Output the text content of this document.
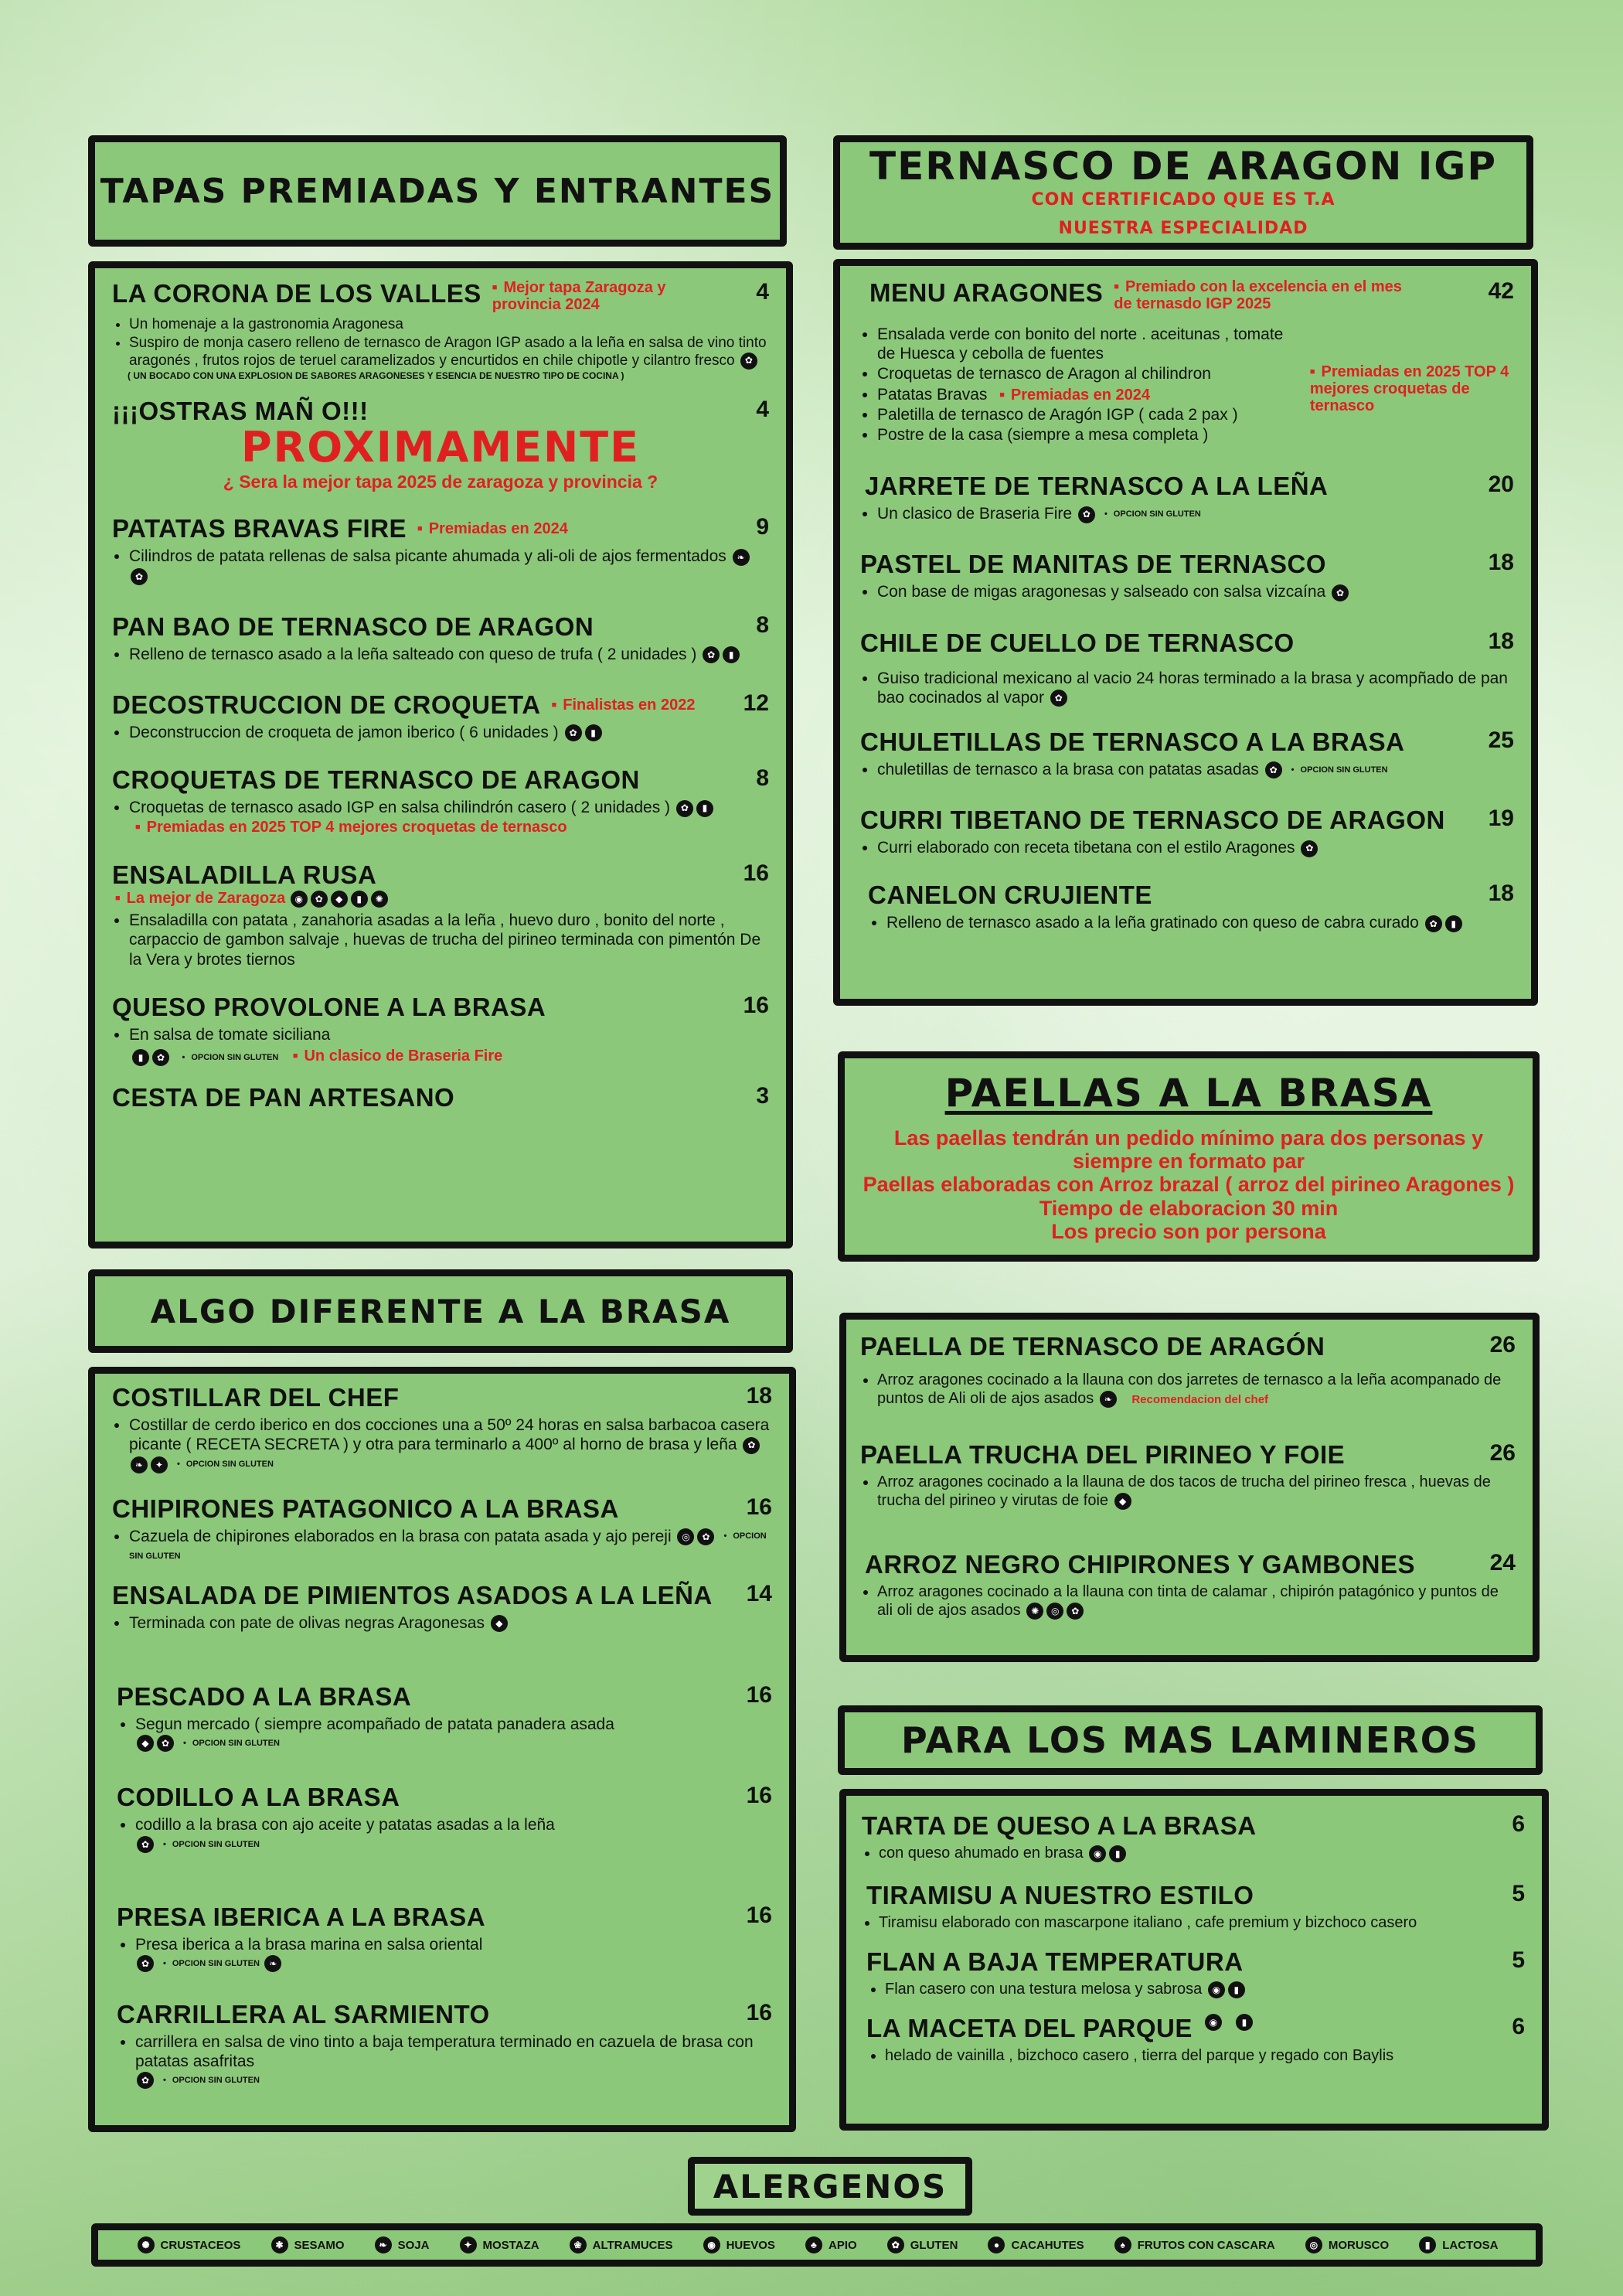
TAPAS PREMIADAS Y ENTRANTES
LA CORONA DE LOS VALLES	■ Mejor tapa Zaragoza y provincia 2024	4
• Un homenaje a la gastronomia Aragonesa
• Suspiro de monja casero relleno de ternasco de Aragon IGP asado a la leña en salsa de vino tinto aragonés , frutos rojos de teruel caramelizados y encurtidos en chile chipotle y cilantro fresco ✿
( UN BOCADO CON UNA EXPLOSION DE SABORES ARAGONESES Y ESENCIA DE NUESTRO TIPO DE COCINA )
¡¡¡OSTRAS MAÑ O!!!	4
PROXIMAMENTE
¿ Sera la mejor tapa 2025 de zaragoza y provincia ?
PATATAS BRAVAS FIRE	■ Premiadas en 2024	9
• Cilindros de patata rellenas de salsa picante ahumada y ali-oli de ajos fermentados ❧✿
PAN BAO DE TERNASCO DE ARAGON	8
• Relleno de ternasco asado a la leña salteado con queso de trufa ( 2 unidades ) ✿ ▮
DECOSTRUCCION DE CROQUETA	■ Finalistas en 2022 12
• Deconstruccion de croqueta de jamon iberico ( 6 unidades ) ✿ ▮
CROQUETAS DE TERNASCO DE ARAGON	8
• Croquetas de ternasco asado IGP en salsa chilindrón casero ( 2 unidades ) ✿ ▮ ■ Premiadas en 2025 TOP 4 mejores croquetas de ternasco
ENSALADILLA RUSA	16
■ La mejor de Zaragoza ◉ ✿ ◆ ▮ ✺
• Ensaladilla con patata , zanahoria asadas a la leña , huevo duro , bonito del norte , carpaccio de gambon salvaje , huevas de trucha del pirineo terminada con pimentón De la Vera y brotes tiernos
QUESO PROVOLONE A LA BRASA	16
• En salsa de tomate siciliana
▮ ✿	• OPCION SIN GLUTEN ■ Un clasico de Braseria Fire
CESTA DE PAN ARTESANO	3
ALGO DIFERENTE A LA BRASA
COSTILLAR DEL CHEF	18
• Costillar de cerdo iberico en dos cocciones una a 50º 24 horas en salsa barbacoa casera picante ( RECETA SECRETA ) y otra para terminarlo a 400º al horno de brasa y leña ✿❧ ✦	• OPCION SIN GLUTEN
CHIPIRONES PATAGONICO A LA BRASA	16
• Cazuela de chipirones elaborados en la brasa con patata asada y ajo pereji ◎ ✿	• OPCION SIN GLUTEN
ENSALADA DE PIMIENTOS ASADOS A LA LEÑA 14
• Terminada con pate de olivas negras Aragonesas ◆
PESCADO A LA BRASA	16
• Segun mercado ( siempre acompañado de patata panadera asada
◆ ✿	• OPCION SIN GLUTEN
CODILLO A LA BRASA	16
• codillo a la brasa con ajo aceite y patatas asadas a la leña
✿	• OPCION SIN GLUTEN
PRESA IBERICA A LA BRASA	16
• Presa iberica a la brasa marina en salsa oriental
✿	• OPCION SIN GLUTEN ❧
CARRILLERA AL SARMIENTO	16
• carrillera en salsa de vino tinto a baja temperatura terminado en cazuela de brasa con patatas asafritas
✿	• OPCION SIN GLUTEN
TERNASCO DE ARAGON IGP
CON CERTIFICADO QUE ES T.A
NUESTRA ESPECIALIDAD
MENU ARAGONES	■ Premiado con la excelencia en el mes de ternasdo IGP 2025	42
• Ensalada verde con bonito del norte . aceitunas , tomate de Huesca y cebolla de fuentes
• Croquetas de ternasco de Aragon al chilindron
• Patatas Bravas ■ Premiadas en 2024
• Paletilla de ternasco de Aragón IGP ( cada 2 pax )
• Postre de la casa (siempre a mesa completa )
■ Premiadas en 2025 TOP 4 mejores croquetas de ternasco
JARRETE DE TERNASCO A LA LEÑA	20
• Un clasico de Braseria Fire ✿	• OPCION SIN GLUTEN
PASTEL DE MANITAS DE TERNASCO	18
• Con base de migas aragonesas y salseado con salsa vizcaína ✿
CHILE DE CUELLO DE TERNASCO	18
• Guiso tradicional mexicano al vacio 24 horas terminado a la brasa y acompñado de pan bao cocinados al vapor ✿
CHULETILLAS DE TERNASCO A LA BRASA	25
• chuletillas de ternasco a la brasa con patatas asadas ✿	• OPCION SIN GLUTEN
CURRI TIBETANO DE TERNASCO DE ARAGON 19
• Curri elaborado con receta tibetana con el estilo Aragones ✿
CANELON CRUJIENTE	18
• Relleno de ternasco asado a la leña gratinado con queso de cabra curado ✿ ▮
PAELLAS A LA BRASA
Las paellas tendrán un pedido mínimo para dos personas y siempre en formato par
Paellas elaboradas con Arroz brazal ( arroz del pirineo Aragones )
Tiempo de elaboracion 30 min
Los precio son por persona
PAELLA DE TERNASCO DE ARAGÓN	26
• Arroz aragones cocinado a la llauna con dos jarretes de ternasco a la leña acompanado de puntos de Ali oli de ajos asados ❧ Recomendacion del chef
PAELLA TRUCHA DEL PIRINEO Y FOIE	26
• Arroz aragones cocinado a la llauna de dos tacos de trucha del pirineo fresca , huevas de trucha del pirineo y virutas de foie ◆
ARROZ NEGRO CHIPIRONES Y GAMBONES	24
• Arroz aragones cocinado a la llauna con tinta de calamar , chipirón patagónico y puntos de ali oli de ajos asados ✺ ◎ ✿
PARA LOS MAS LAMINEROS
TARTA DE QUESO A LA BRASA	6
• con queso ahumado en brasa ◉ ▮
TIRAMISU A NUESTRO ESTILO	5
• Tiramisu elaborado con mascarpone italiano , cafe premium y bizchoco casero
FLAN A BAJA TEMPERATURA	5
• Flan casero con una testura melosa y sabrosa ◉ ▮
LA MACETA DEL PARQUE	◉	▮	6
• helado de vainilla , bizchoco casero , tierra del parque y regado con Baylis
ALERGENOS
✺ CRUSTACEOS	✱ SESAMO	❧ SOJA	✦ MOSTAZA	❀ ALTRAMUCES	◉ HUEVOS	♣	APIO	✿ GLUTEN	●	CACAHUTES	♠	FRUTOS CON CASCARA	◎ MORUSCO	▮	LACTOSA
